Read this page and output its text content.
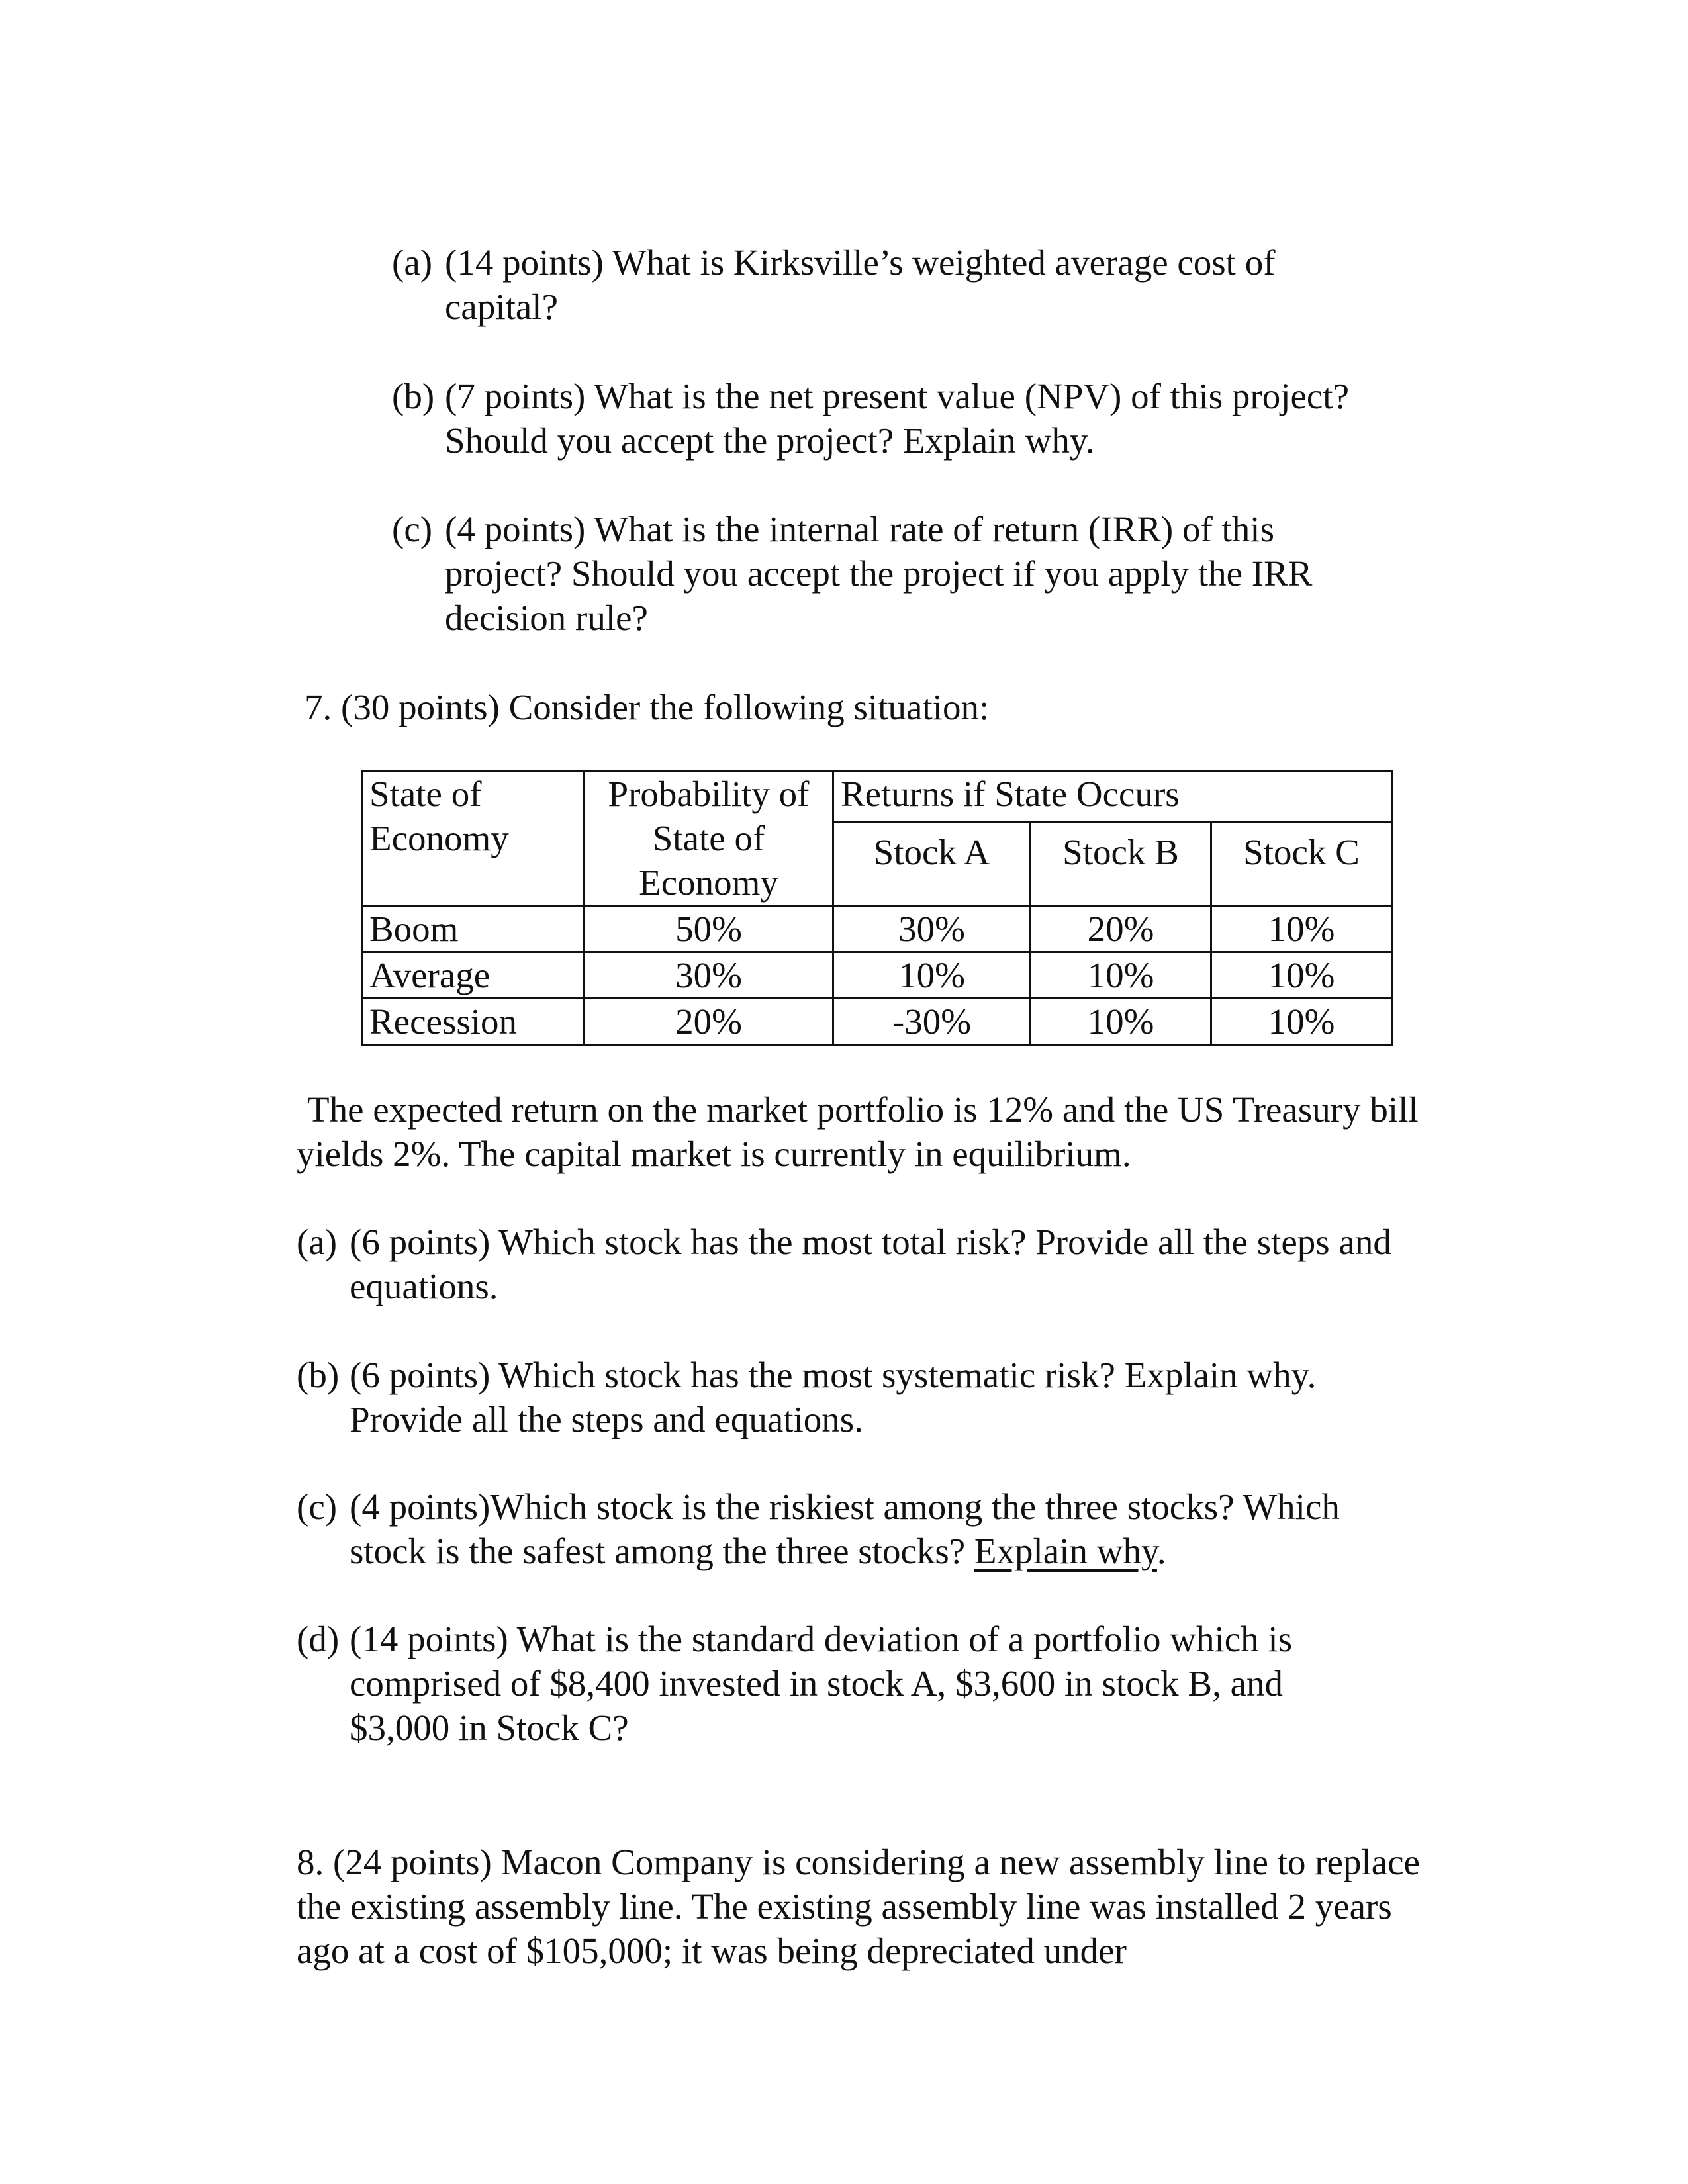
(a) (14 points) What is Kirksville’s weighted average cost of capital?
(b) (7 points) What is the net present value (NPV) of this project? Should you accept the project? Explain why.
(c) (4 points) What is the internal rate of return (IRR) of this project? Should you accept the project if you apply the IRR decision rule?

7. (30 points) Consider the following situation:

State of Economy	Probability of State of Economy	Returns if State Occurs		
		Stock A	Stock B	Stock C
Boom	50%	30%	20%	10%
Average	30%	10%	10%	10%
Recession	20%	-30%	10%	10%

The expected return on the market portfolio is 12% and the US Treasury bill yields 2%. The capital market is currently in equilibrium.

(a) (6 points) Which stock has the most total risk? Provide all the steps and equations.
(b) (6 points) Which stock has the most systematic risk? Explain why. Provide all the steps and equations.
(c) (4 points)Which stock is the riskiest among the three stocks? Which stock is the safest among the three stocks? Explain why.
(d) (14 points) What is the standard deviation of a portfolio which is comprised of $8,400 invested in stock A, $3,600 in stock B, and $3,000 in Stock C?

8. (24 points) Macon Company is considering a new assembly line to replace the existing assembly line. The existing assembly line was installed 2 years ago at a cost of $105,000; it was being depreciated under
